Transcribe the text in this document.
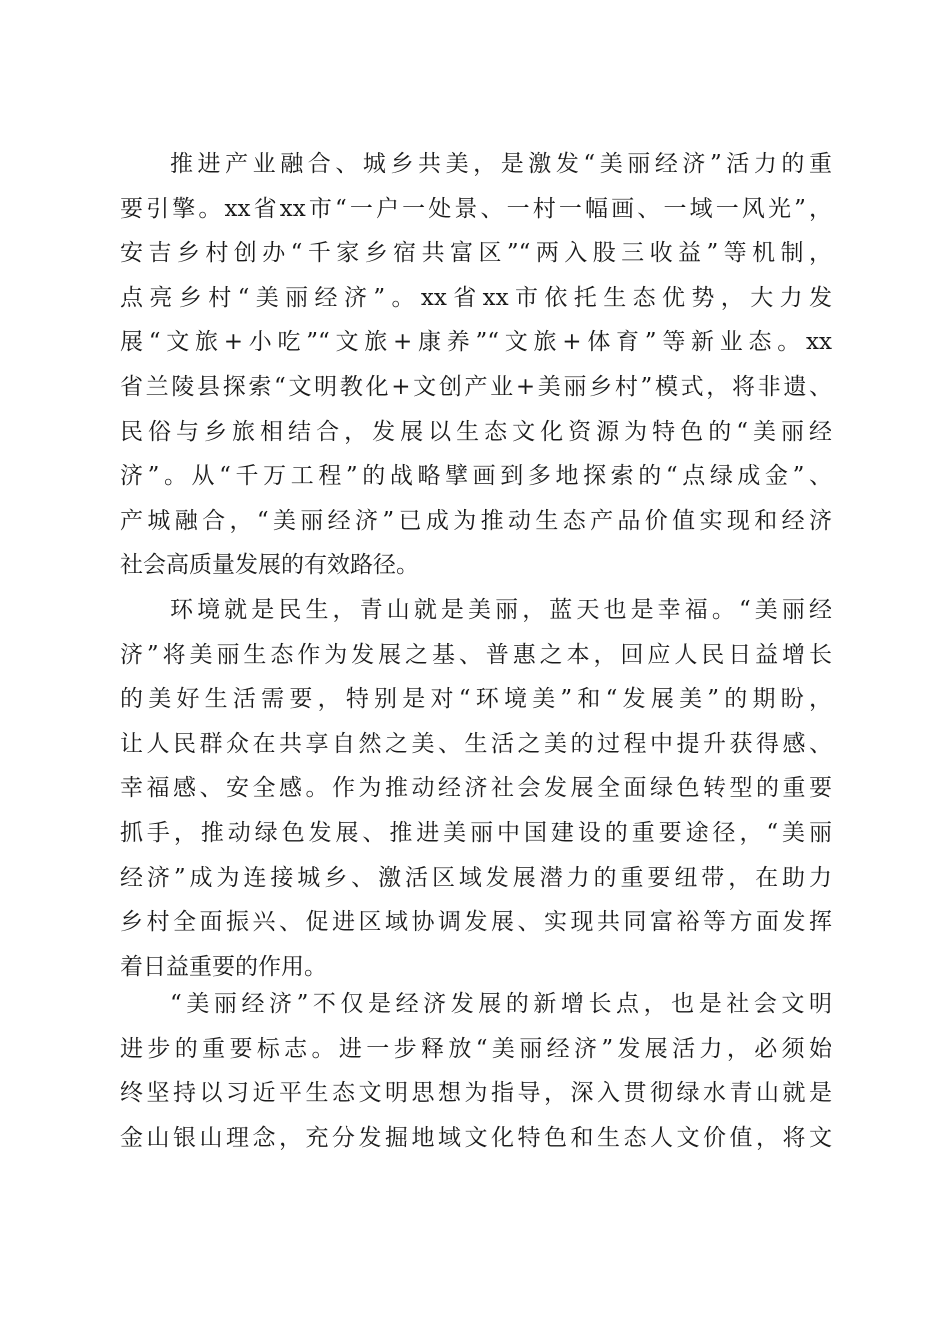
推进产业融合、城乡共美，是激发“美丽经济”活力的重
要引擎。xx省xx市“一户一处景、一村一幅画、一域一风光”，
安吉乡村创办“千家乡宿共富区”“两入股三收益”等机制，
点亮乡村“美丽经济”。xx省xx市依托生态优势，大力发
展“文旅+小吃”“文旅+康养”“文旅+体育”等新业态。xx
省兰陵县探索“文明教化+文创产业+美丽乡村”模式，将非遗、
民俗与乡旅相结合，发展以生态文化资源为特色的“美丽经
济”。从“千万工程”的战略擘画到多地探索的“点绿成金”、
产城融合，“美丽经济”已成为推动生态产品价值实现和经济
社会高质量发展的有效路径。
环境就是民生，青山就是美丽，蓝天也是幸福。“美丽经
济”将美丽生态作为发展之基、普惠之本，回应人民日益增长
的美好生活需要，特别是对“环境美”和“发展美”的期盼，
让人民群众在共享自然之美、生活之美的过程中提升获得感、
幸福感、安全感。作为推动经济社会发展全面绿色转型的重要
抓手，推动绿色发展、推进美丽中国建设的重要途径，“美丽
经济”成为连接城乡、激活区域发展潜力的重要纽带，在助力
乡村全面振兴、促进区域协调发展、实现共同富裕等方面发挥
着日益重要的作用。
“美丽经济”不仅是经济发展的新增长点，也是社会文明
进步的重要标志。进一步释放“美丽经济”发展活力，必须始
终坚持以习近平生态文明思想为指导，深入贯彻绿水青山就是
金山银山理念，充分发掘地域文化特色和生态人文价值，将文
